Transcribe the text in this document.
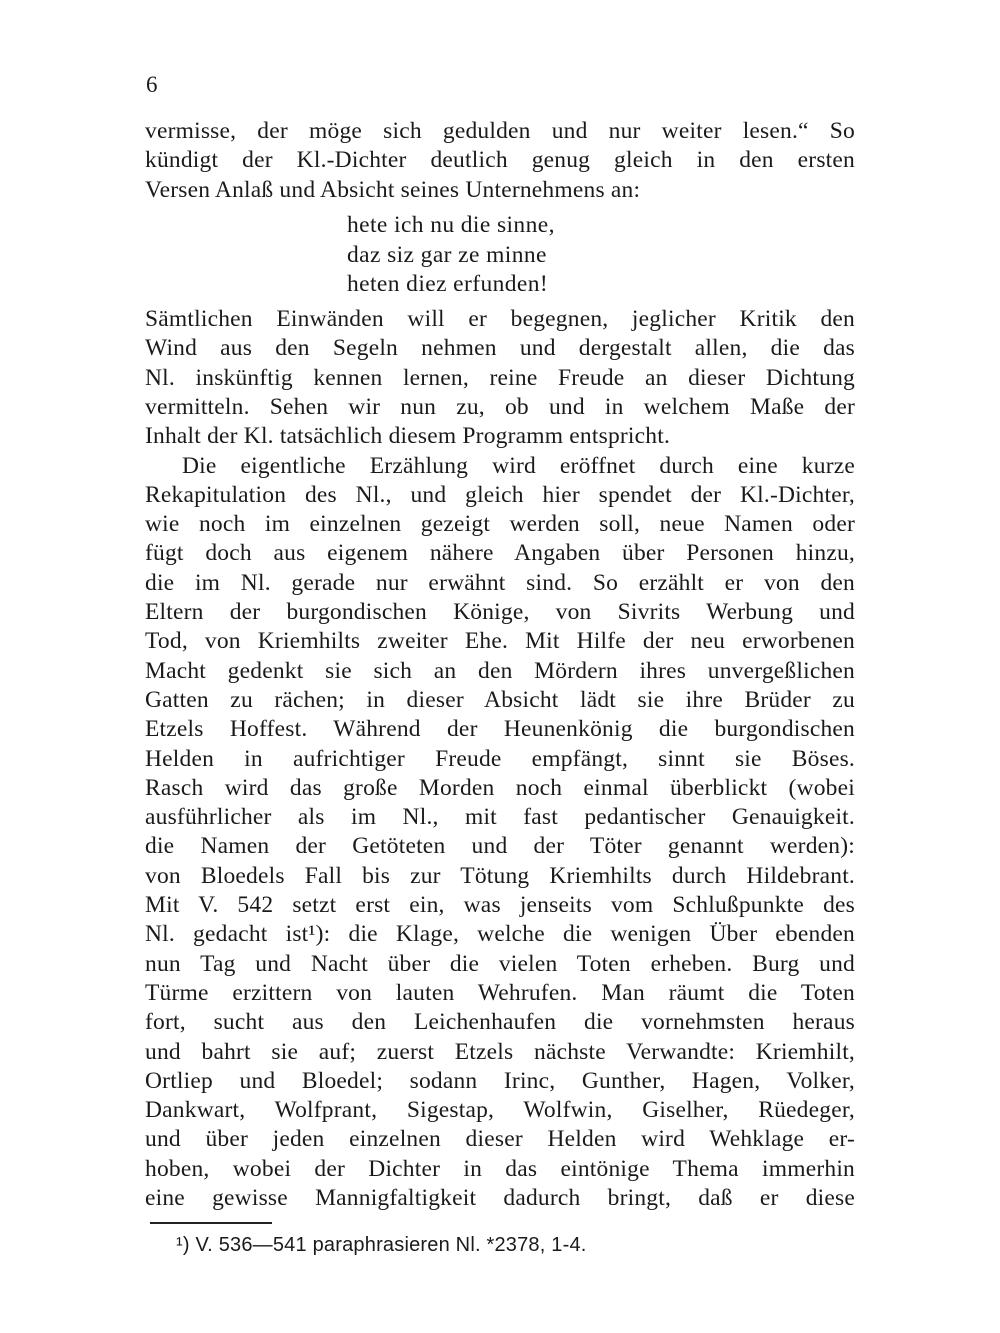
6
vermisse, der möge sich gedulden und nur weiter lesen.“ So
kündigt der Kl.-Dichter deutlich genug gleich in den ersten
Versen Anlaß und Absicht seines Unternehmens an:
hete ich nu die sinne,
daz siz gar ze minne
heten diez erfunden!
Sämtlichen Einwänden will er begegnen, jeglicher Kritik den
Wind aus den Segeln nehmen und dergestalt allen, die das
Nl. inskünftig kennen lernen, reine Freude an dieser Dichtung
vermitteln. Sehen wir nun zu, ob und in welchem Maße der
Inhalt der Kl. tatsächlich diesem Programm entspricht.
Die eigentliche Erzählung wird eröffnet durch eine kurze
Rekapitulation des Nl., und gleich hier spendet der Kl.-Dichter,
wie noch im einzelnen gezeigt werden soll, neue Namen oder
fügt doch aus eigenem nähere Angaben über Personen hinzu,
die im Nl. gerade nur erwähnt sind. So erzählt er von den
Eltern der burgondischen Könige, von Sivrits Werbung und
Tod, von Kriemhilts zweiter Ehe. Mit Hilfe der neu erworbenen
Macht gedenkt sie sich an den Mördern ihres unvergeßlichen
Gatten zu rächen; in dieser Absicht lädt sie ihre Brüder zu
Etzels Hoffest. Während der Heunenkönig die burgondischen
Helden in aufrichtiger Freude empfängt, sinnt sie Böses.
Rasch wird das große Morden noch einmal überblickt (wobei
ausführlicher als im Nl., mit fast pedantischer Genauigkeit.
die Namen der Getöteten und der Töter genannt werden):
von Bloedels Fall bis zur Tötung Kriemhilts durch Hildebrant.
Mit V. 542 setzt erst ein, was jenseits vom Schlußpunkte des
Nl. gedacht ist¹): die Klage, welche die wenigen Über ebenden
nun Tag und Nacht über die vielen Toten erheben. Burg und
Türme erzittern von lauten Wehrufen. Man räumt die Toten
fort, sucht aus den Leichenhaufen die vornehmsten heraus
und bahrt sie auf; zuerst Etzels nächste Verwandte: Kriemhilt,
Ortliep und Bloedel; sodann Irinc, Gunther, Hagen, Volker,
Dankwart, Wolfprant, Sigestap, Wolfwin, Giselher, Rüedeger,
und über jeden einzelnen dieser Helden wird Wehklage er-
hoben, wobei der Dichter in das eintönige Thema immerhin
eine gewisse Mannigfaltigkeit dadurch bringt, daß er diese
¹) V. 536—541 paraphrasieren Nl. *2378, 1-4.
